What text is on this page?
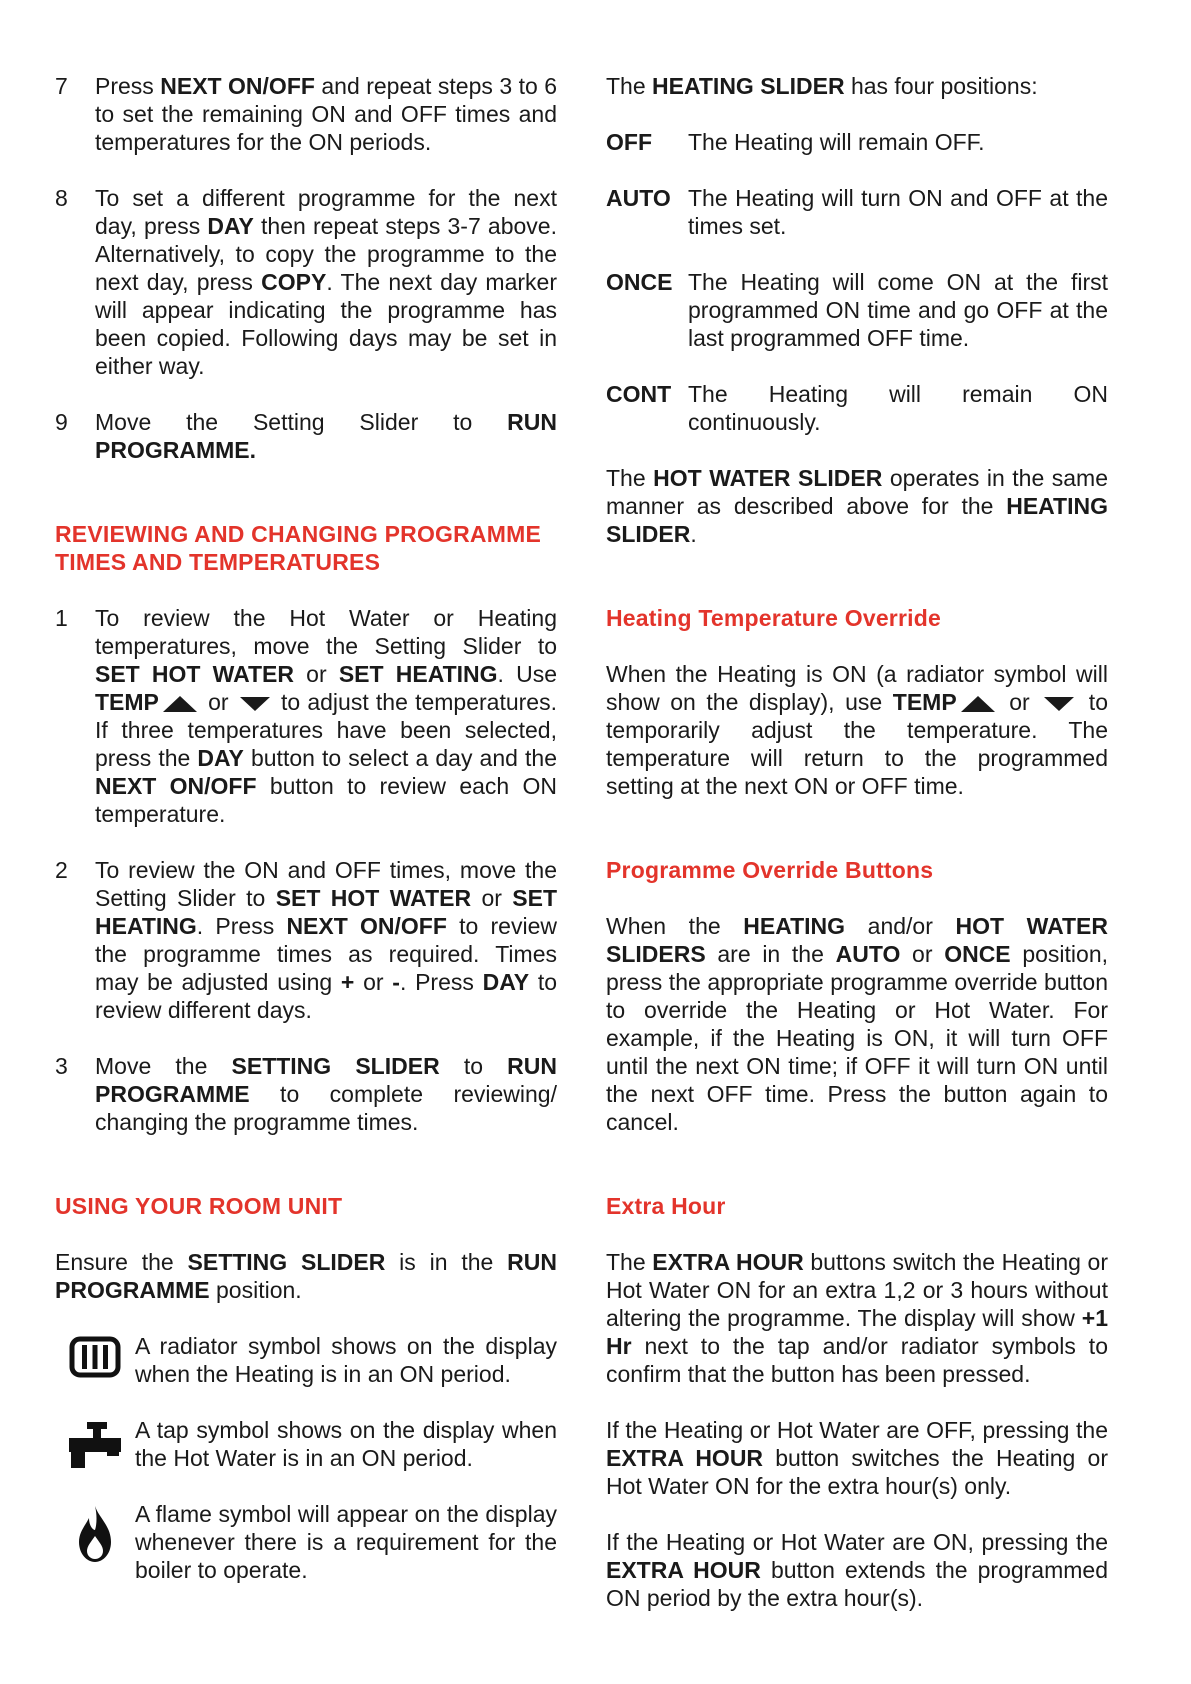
7	Press NEXT ON/OFF and repeat steps 3 to 6 to set the remaining ON and OFF times and temperatures for the ON periods.
8	To set a different programme for the next day, press DAY then repeat steps 3-7 above. Alternatively, to copy the programme to the next day, press COPY. The next day marker will appear indicating the programme has been copied. Following days may be set in either way.
9	Move the Setting Slider to RUN PROGRAMME.
REVIEWING AND CHANGING PROGRAMME TIMES AND TEMPERATURES
1	To review the Hot Water or Heating temperatures, move the Setting Slider to SET HOT WATER or SET HEATING. Use TEMP or  to adjust the temperatures. If three temperatures have been selected, press the DAY button to select a day and the NEXT ON/OFF button to review each ON temperature.
2	To review the ON and OFF times, move the Setting Slider to SET HOT WATER or SET HEATING. Press NEXT ON/OFF to review the programme times as required. Times may be adjusted using + or -. Press DAY to review different days.
3	Move the SETTING SLIDER to RUN PROGRAMME to complete reviewing/ changing the programme times.
USING YOUR ROOM UNIT

Ensure the SETTING SLIDER is in the RUN PROGRAMME position.

A radiator symbol shows on the display when the Heating is in an ON period.

A tap symbol shows on the display when the Hot Water is in an ON period.

A flame symbol will appear on the display whenever there is a requirement for the boiler to operate.

The HEATING SLIDER has four positions:

OFF	The Heating will remain OFF.

AUTO The Heating will turn ON and OFF at the times set.

ONCE The Heating will come ON at the first programmed ON time and go OFF at the last programmed OFF time.

CONT The Heating will remain ON continuously.

The HOT WATER SLIDER operates in the same manner as described above for the HEATING SLIDER.

Heating Temperature Override

When the Heating is ON (a radiator symbol will show on the display), use TEMP or  to temporarily adjust the temperature. The temperature will return to the programmed setting at the next ON or OFF time.

Programme Override Buttons

When the HEATING and/or HOT WATER SLIDERS are in the AUTO or ONCE position, press the appropriate programme override button to override the Heating or Hot Water. For example, if the Heating is ON, it will turn OFF until the next ON time; if OFF it will turn ON until the next OFF time. Press the button again to cancel.

Extra Hour

The EXTRA HOUR buttons switch the Heating or Hot Water ON for an extra 1,2 or 3 hours without altering the programme. The display will show +1 Hr next to the tap and/or radiator symbols to confirm that the button has been pressed.

If the Heating or Hot Water are OFF, pressing the EXTRA HOUR button switches the Heating or Hot Water ON for the extra hour(s) only.

If the Heating or Hot Water are ON, pressing the EXTRA HOUR button extends the programmed ON period by the extra hour(s).
